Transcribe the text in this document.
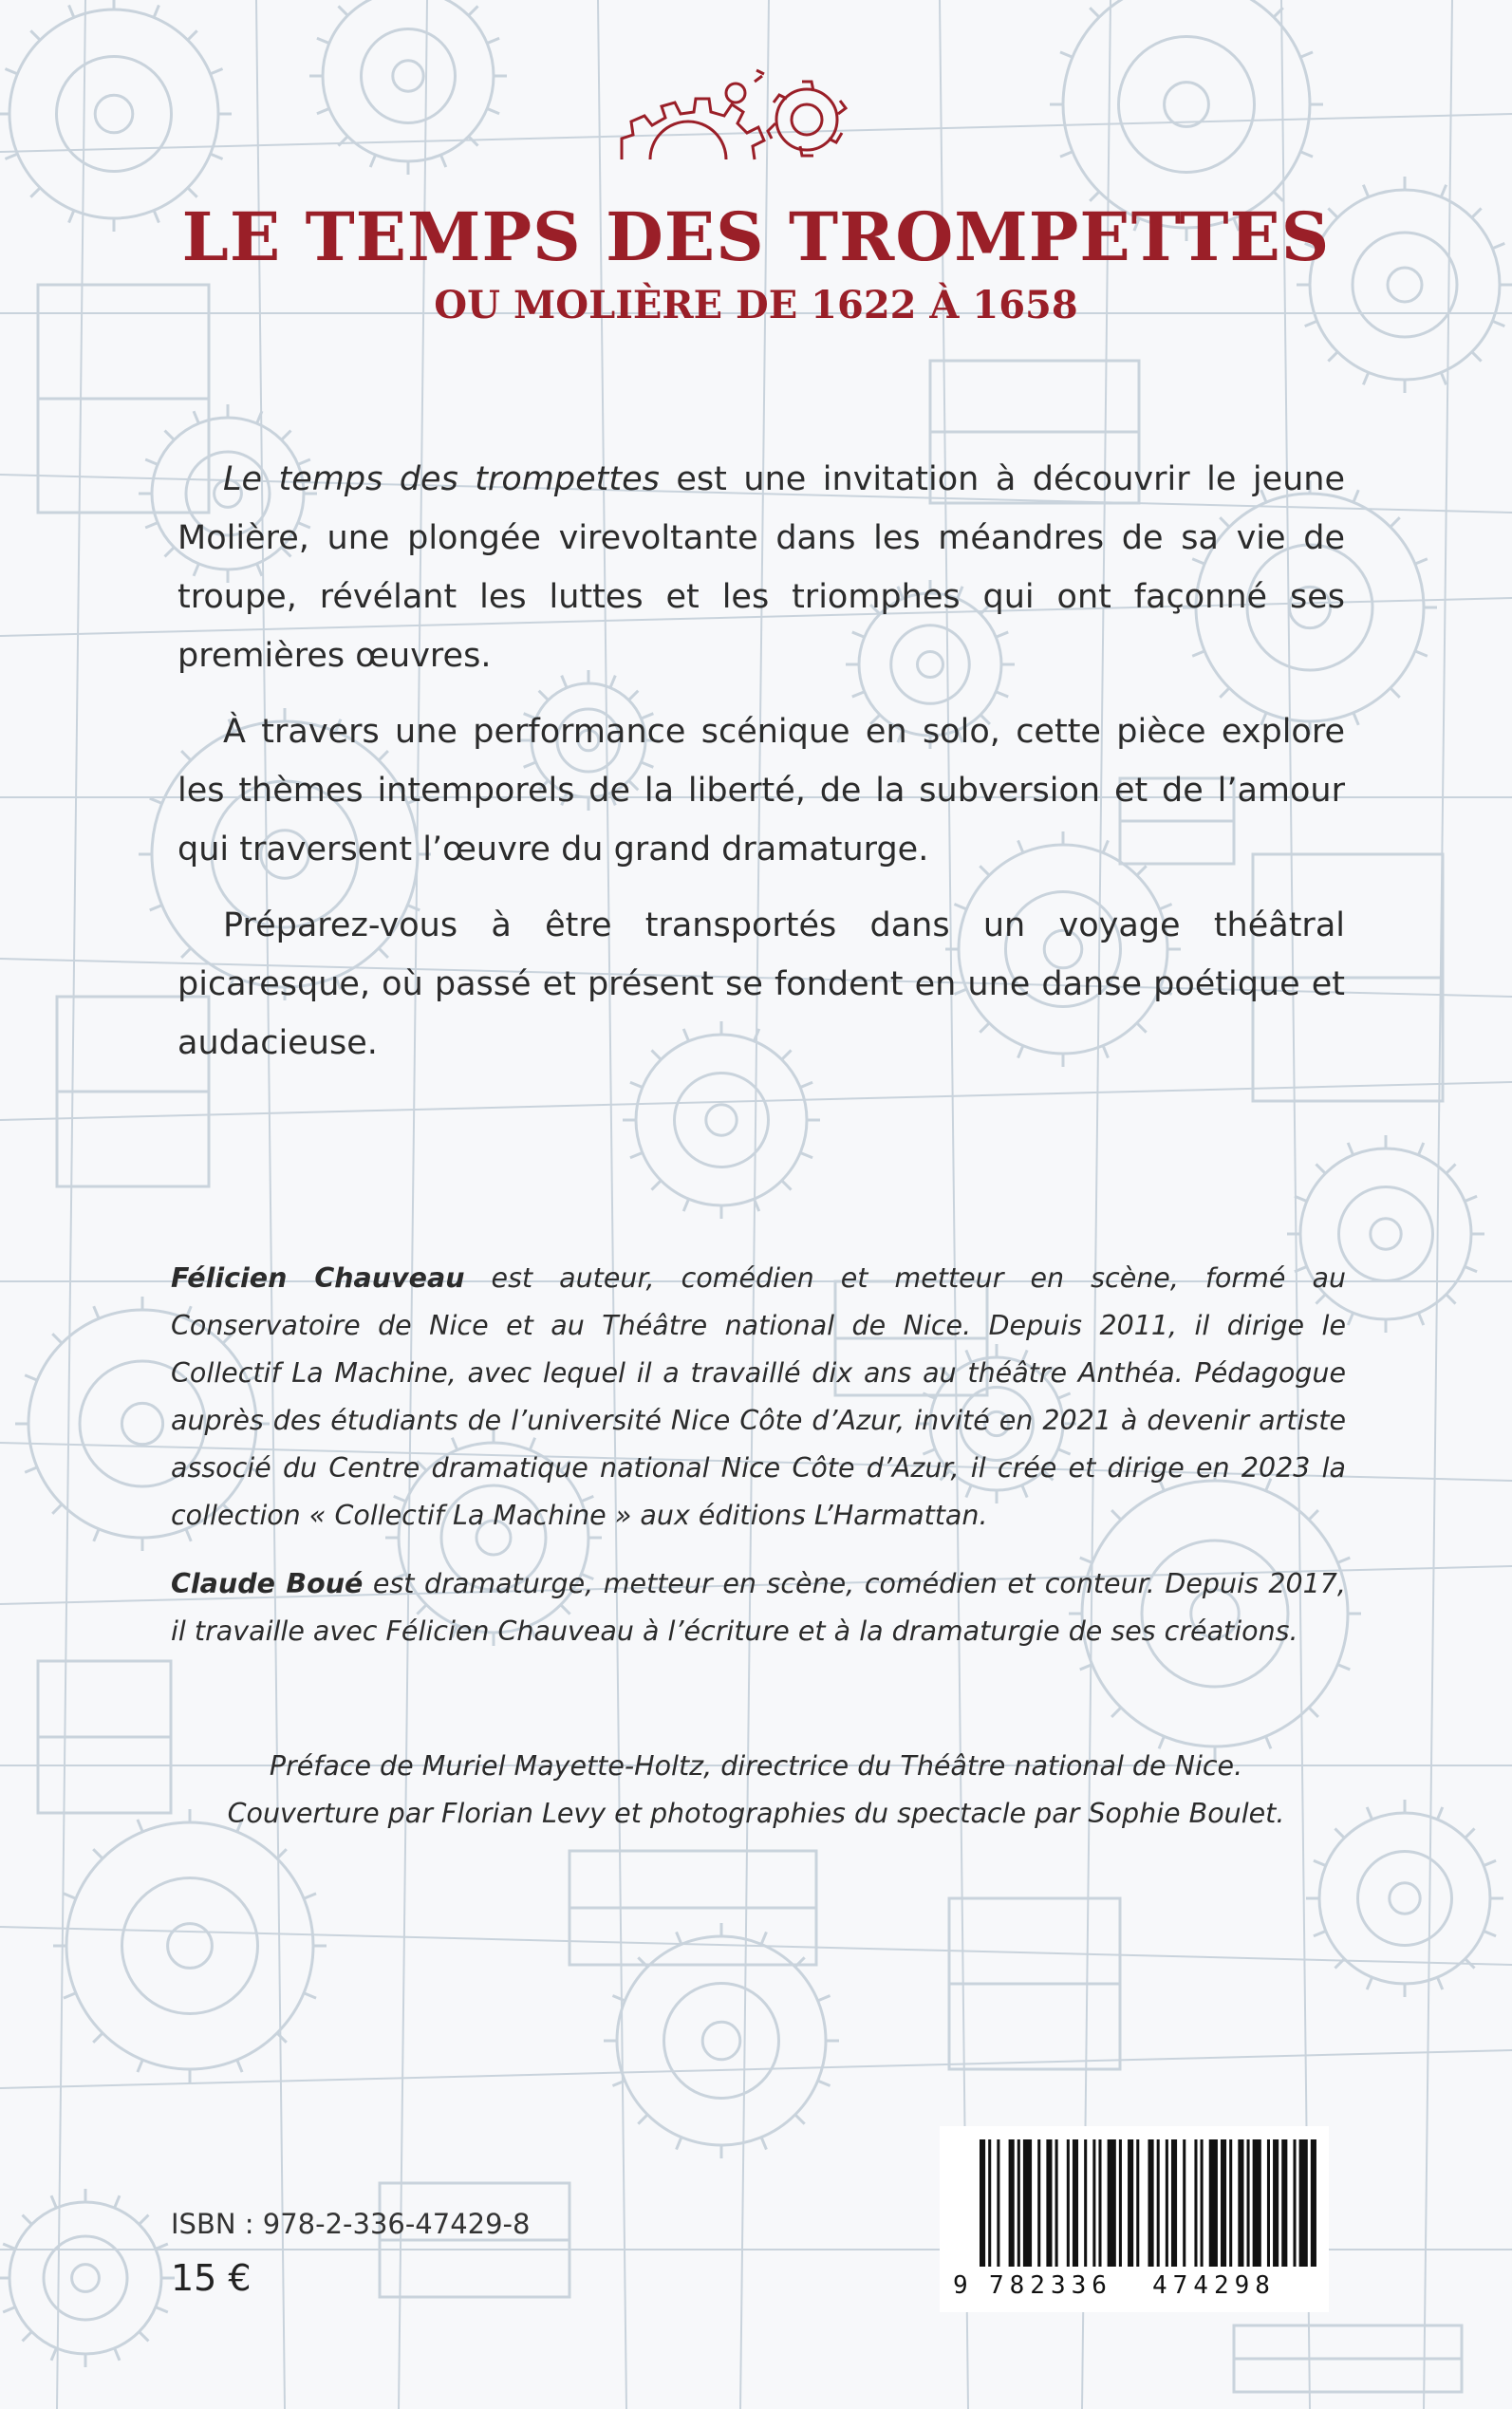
LE TEMPS DES TROMPETTES
OU MOLIÈRE DE 1622 À 1658

Le temps des trompettes est une invitation à découvrir le jeune Molière, une plongée virevoltante dans les méandres de sa vie de troupe, révélant les luttes et les triomphes qui ont façonné ses premières œuvres.

À travers une performance scénique en solo, cette pièce explore les thèmes intemporels de la liberté, de la subversion et de l’amour qui traversent l’œuvre du grand dramaturge.

Préparez-vous à être transportés dans un voyage théâtral picaresque, où passé et présent se fondent en une danse poétique et audacieuse.

Félicien Chauveau est auteur, comédien et metteur en scène, formé au Conservatoire de Nice et au Théâtre national de Nice. Depuis 2011, il dirige le Collectif La Machine, avec lequel il a travaillé dix ans au théâtre Anthéa. Pédagogue auprès des étudiants de l’université Nice Côte d’Azur, invité en 2021 à devenir artiste associé du Centre dramatique national Nice Côte d’Azur, il crée et dirige en 2023 la collection « Collectif La Machine » aux éditions L’Harmattan.

Claude Boué est dramaturge, metteur en scène, comédien et conteur. Depuis 2017, il travaille avec Félicien Chauveau à l’écriture et à la dramaturgie de ses créations.

Préface de Muriel Mayette-Holtz, directrice du Théâtre national de Nice.

Couverture par Florian Levy et photographies du spectacle par Sophie Boulet.

ISBN : 978-2-336-47429-8

15 €	9 782336 474298
